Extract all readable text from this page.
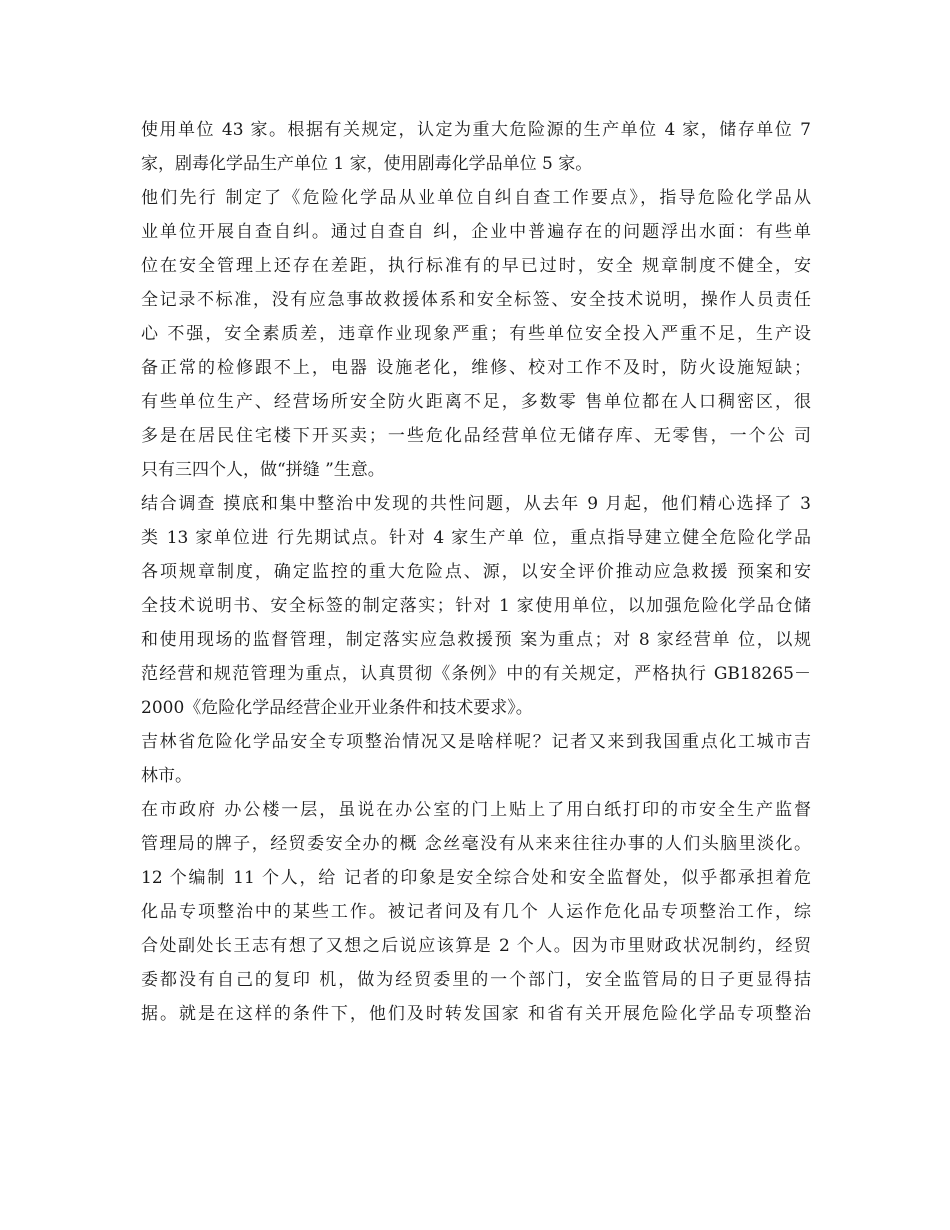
使用单位 43 家。根据有关规定，认定为重大危险源的生产单位 4 家，储存单位 7
家，剧毒化学品生产单位 1 家，使用剧毒化学品单位 5 家。
他们先行 制定了《危险化学品从业单位自纠自查工作要点》，指导危险化学品从
业单位开展自查自纠。通过自查自 纠，企业中普遍存在的问题浮出水面：有些单
位在安全管理上还存在差距，执行标准有的早已过时，安全 规章制度不健全，安
全记录不标准，没有应急事故救援体系和安全标签、安全技术说明，操作人员责任
心 不强，安全素质差，违章作业现象严重；有些单位安全投入严重不足，生产设
备正常的检修跟不上，电器 设施老化，维修、校对工作不及时，防火设施短缺；
有些单位生产、经营场所安全防火距离不足，多数零 售单位都在人口稠密区，很
多是在居民住宅楼下开买卖；一些危化品经营单位无储存库、无零售，一个公 司
只有三四个人，做“拼缝 ”生意。
结合调查 摸底和集中整治中发现的共性问题，从去年 9 月起，他们精心选择了 3
类 13 家单位进 行先期试点。针对 4 家生产单 位，重点指导建立健全危险化学品
各项规章制度，确定监控的重大危险点、源，以安全评价推动应急救援 预案和安
全技术说明书、安全标签的制定落实；针对 1 家使用单位，以加强危险化学品仓储
和使用现场的监督管理，制定落实应急救援预 案为重点；对 8 家经营单 位，以规
范经营和规范管理为重点，认真贯彻《条例》中的有关规定，严格执行 GB18265－
2000《危险化学品经营企业开业条件和技术要求》。
吉林省危险化学品安全专项整治情况又是啥样呢？记者又来到我国重点化工城市吉
林市。
在市政府 办公楼一层，虽说在办公室的门上贴上了用白纸打印的市安全生产监督
管理局的牌子，经贸委安全办的概 念丝毫没有从来来往往办事的人们头脑里淡化。
12 个编制 11 个人，给 记者的印象是安全综合处和安全监督处，似乎都承担着危
化品专项整治中的某些工作。被记者问及有几个 人运作危化品专项整治工作，综
合处副处长王志有想了又想之后说应该算是 2 个人。因为市里财政状况制约，经贸
委都没有自己的复印 机，做为经贸委里的一个部门，安全监管局的日子更显得拮
据。就是在这样的条件下，他们及时转发国家 和省有关开展危险化学品专项整治
